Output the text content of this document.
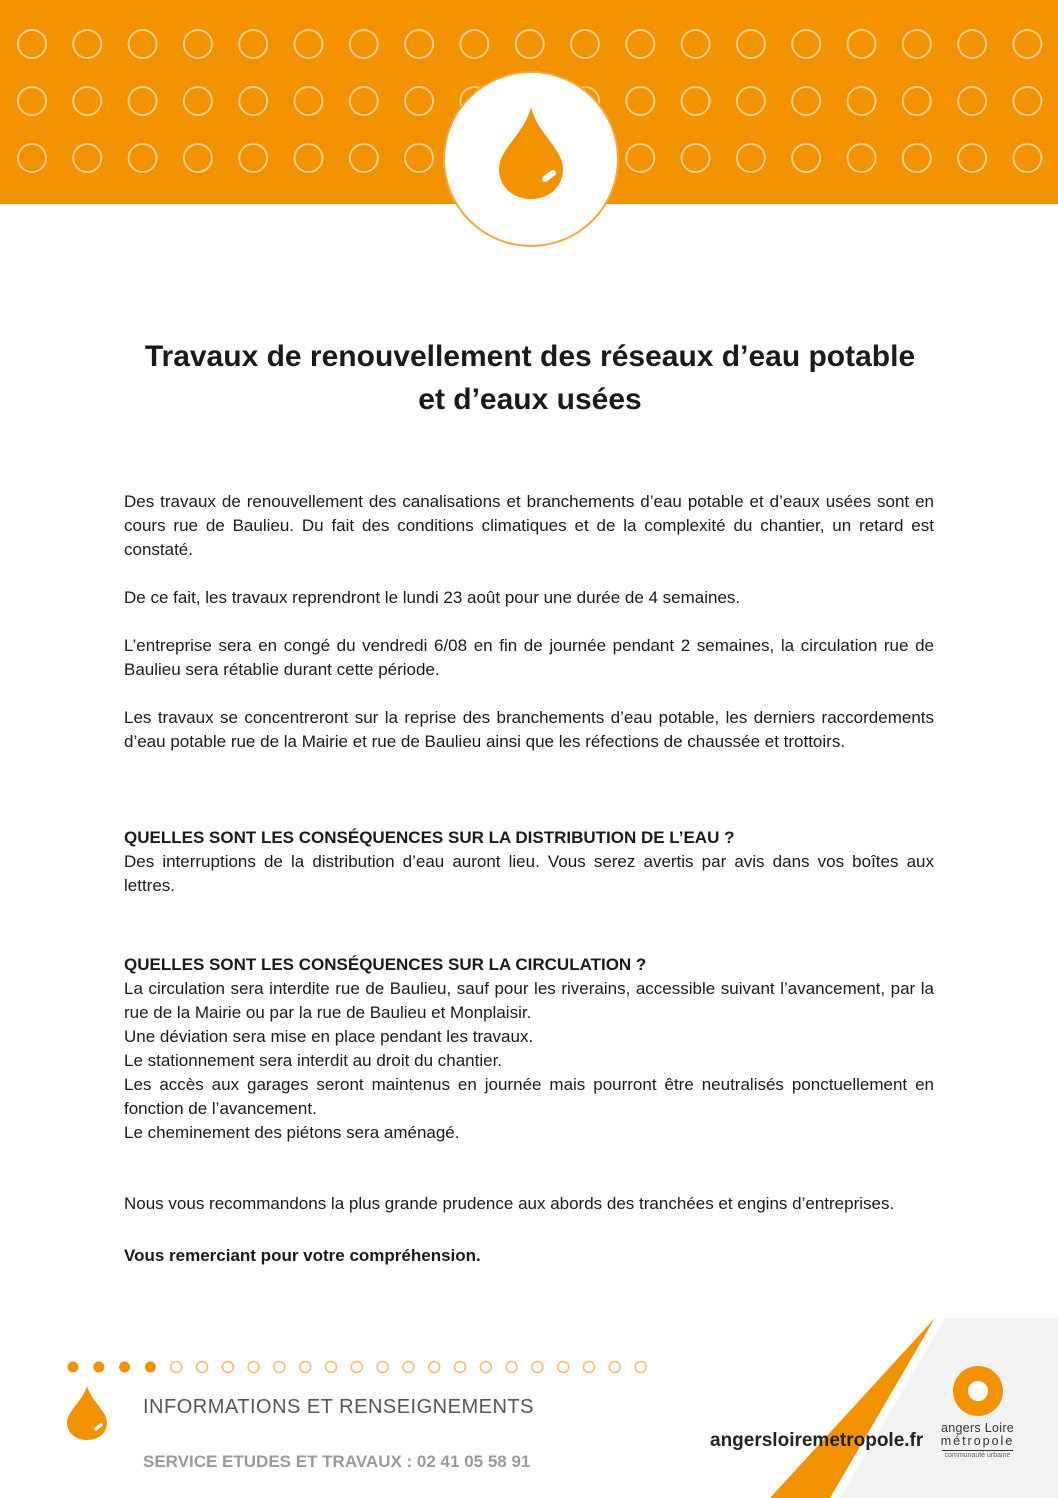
Travaux de renouvellement des réseaux d’eau potable
et d’eaux usées

Des travaux de renouvellement des canalisations et branchements d’eau potable et d’eaux usées sont en cours rue de Baulieu. Du fait des conditions climatiques et de la complexité du chantier, un retard est constaté.

De ce fait, les travaux reprendront le lundi 23 août pour une durée de 4 semaines.

L’entreprise sera en congé du vendredi 6/08 en fin de journée pendant 2 semaines, la circulation rue de Baulieu sera rétablie durant cette période.

Les travaux se concentreront sur la reprise des branchements d’eau potable, les derniers raccordements d’eau potable rue de la Mairie et rue de Baulieu ainsi que les réfections de chaussée et trottoirs.

QUELLES SONT LES CONSÉQUENCES SUR LA DISTRIBUTION DE L’EAU ?

Des interruptions de la distribution d’eau auront lieu. Vous serez avertis par avis dans vos boîtes aux lettres.

QUELLES SONT LES CONSÉQUENCES SUR LA CIRCULATION ?

La circulation sera interdite rue de Baulieu, sauf pour les riverains, accessible suivant l’avancement, par la rue de la Mairie ou par la rue de Baulieu et Monplaisir.

Une déviation sera mise en place pendant les travaux.

Le stationnement sera interdit au droit du chantier.

Les accès aux garages seront maintenus en journée mais pourront être neutralisés ponctuellement en fonction de l’avancement.

Le cheminement des piétons sera aménagé.

Nous vous recommandons la plus grande prudence aux abords des tranchées et engins d’entreprises.

Vous remerciant pour votre compréhension.

INFORMATIONS ET RENSEIGNEMENTS
SERVICE ETUDES ET TRAVAUX : 02 41 05 58 91
angersloiremetropole.fr
angers Loire
métropole
communauté urbaine
